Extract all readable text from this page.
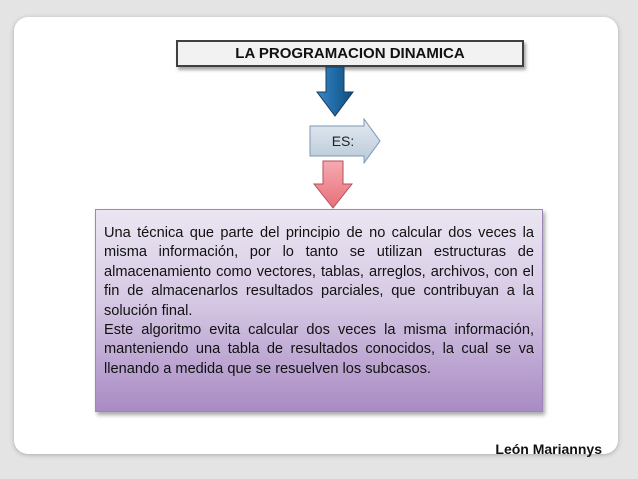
LA PROGRAMACION DINAMICA
ES:

Una técnica que parte del principio de no calcular dos veces la misma información, por lo tanto se utilizan estructuras de almacenamiento como vectores, tablas, arreglos, archivos, con el fin de almacenarlos resultados parciales, que contribuyan a la solución final.

Este algoritmo evita calcular dos veces la misma información, manteniendo una tabla de resultados conocidos, la cual se va llenando a medida que se resuelven los subcasos.

León Mariannys
